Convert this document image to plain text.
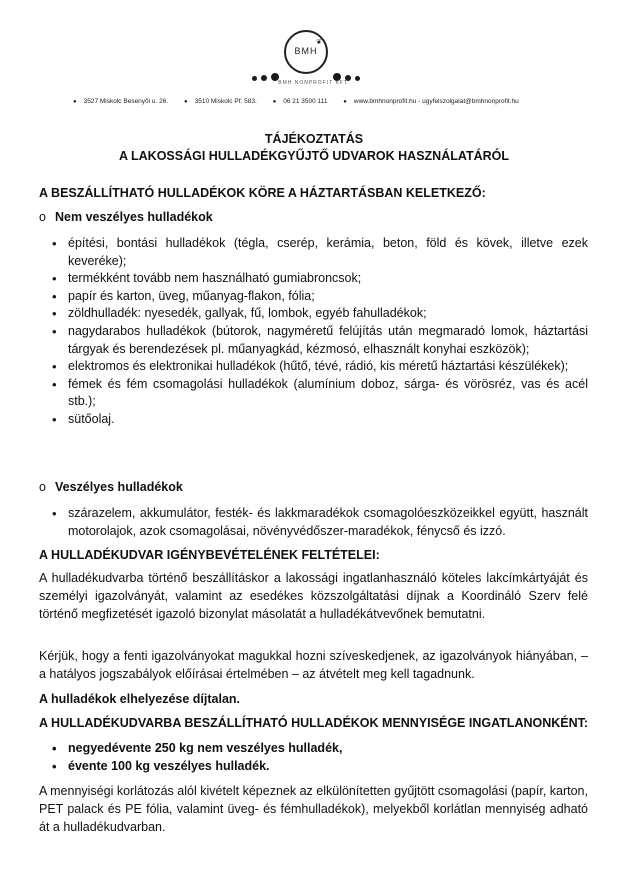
BMH
❦
BMH NONPROFIT KFT.
● 3527 Miskolc Besenyői u. 26.	● 3510 Miskolc Pf: 583.	● 06 21 3500 111	● www.bmhnonprofit.hu - ugyfelszolgalat@bmhnonprofit.hu
TÁJÉKOZTATÁS
A LAKOSSÁGI HULLADÉKGYŰJTŐ UDVAROK HASZNÁLATÁRÓL
A BESZÁLLÍTHATÓ HULLADÉKOK KÖRE A HÁZTARTÁSBAN KELETKEZŐ:
o Nem veszélyes hulladékok
• építési, bontási hulladékok (tégla, cserép, kerámia, beton, föld és kövek, illetve ezek keveréke);
• termékként tovább nem használható gumiabroncsok;
• papír és karton, üveg, műanyag-flakon, fólia;
• zöldhulladék: nyesedék, gallyak, fű, lombok, egyéb fahulladékok;
• nagydarabos hulladékok (bútorok, nagyméretű felújítás után megmaradó lomok, háztartási tárgyak és berendezések pl. műanyagkád, kézmosó, elhasznált konyhai eszközök);
• elektromos és elektronikai hulladékok (hűtő, tévé, rádió, kis méretű háztartási készülékek);
• fémek és fém csomagolási hulladékok (alumínium doboz, sárga- és vörösréz, vas és acél stb.);
• sütőolaj.
o Veszélyes hulladékok
• szárazelem, akkumulátor, festék- és lakkmaradékok csomagolóeszközeikkel együtt, használt motorolajok, azok csomagolásai, növényvédőszer-maradékok, fénycső és izzó.
A HULLADÉKUDVAR IGÉNYBEVÉTELÉNEK FELTÉTELEI:

A hulladékudvarba történő beszállításkor a lakossági ingatlanhasználó köteles lakcímkártyáját és személyi igazolványát, valamint az esedékes közszolgáltatási díjnak a Koordináló Szerv felé történő megfizetését igazoló bizonylat másolatát a hulladékátvevőnek bemutatni.

Kérjük, hogy a fenti igazolványokat magukkal hozni szíveskedjenek, az igazolványok hiányában, – a hatályos jogszabályok előírásai értelmében – az átvételt meg kell tagadnunk.

A hulladékok elhelyezése díjtalan.
A HULLADÉKUDVARBA BESZÁLLÍTHATÓ HULLADÉKOK MENNYISÉGE INGATLANONKÉNT:
• negyedévente 250 kg nem veszélyes hulladék,
• évente 100 kg veszélyes hulladék.

A mennyiségi korlátozás alól kivételt képeznek az elkülönítetten gyűjtött csomagolási (papír, karton, PET palack és PE fólia, valamint üveg- és fémhulladékok), melyekből korlátlan mennyiség adható át a hulladékudvarban.
